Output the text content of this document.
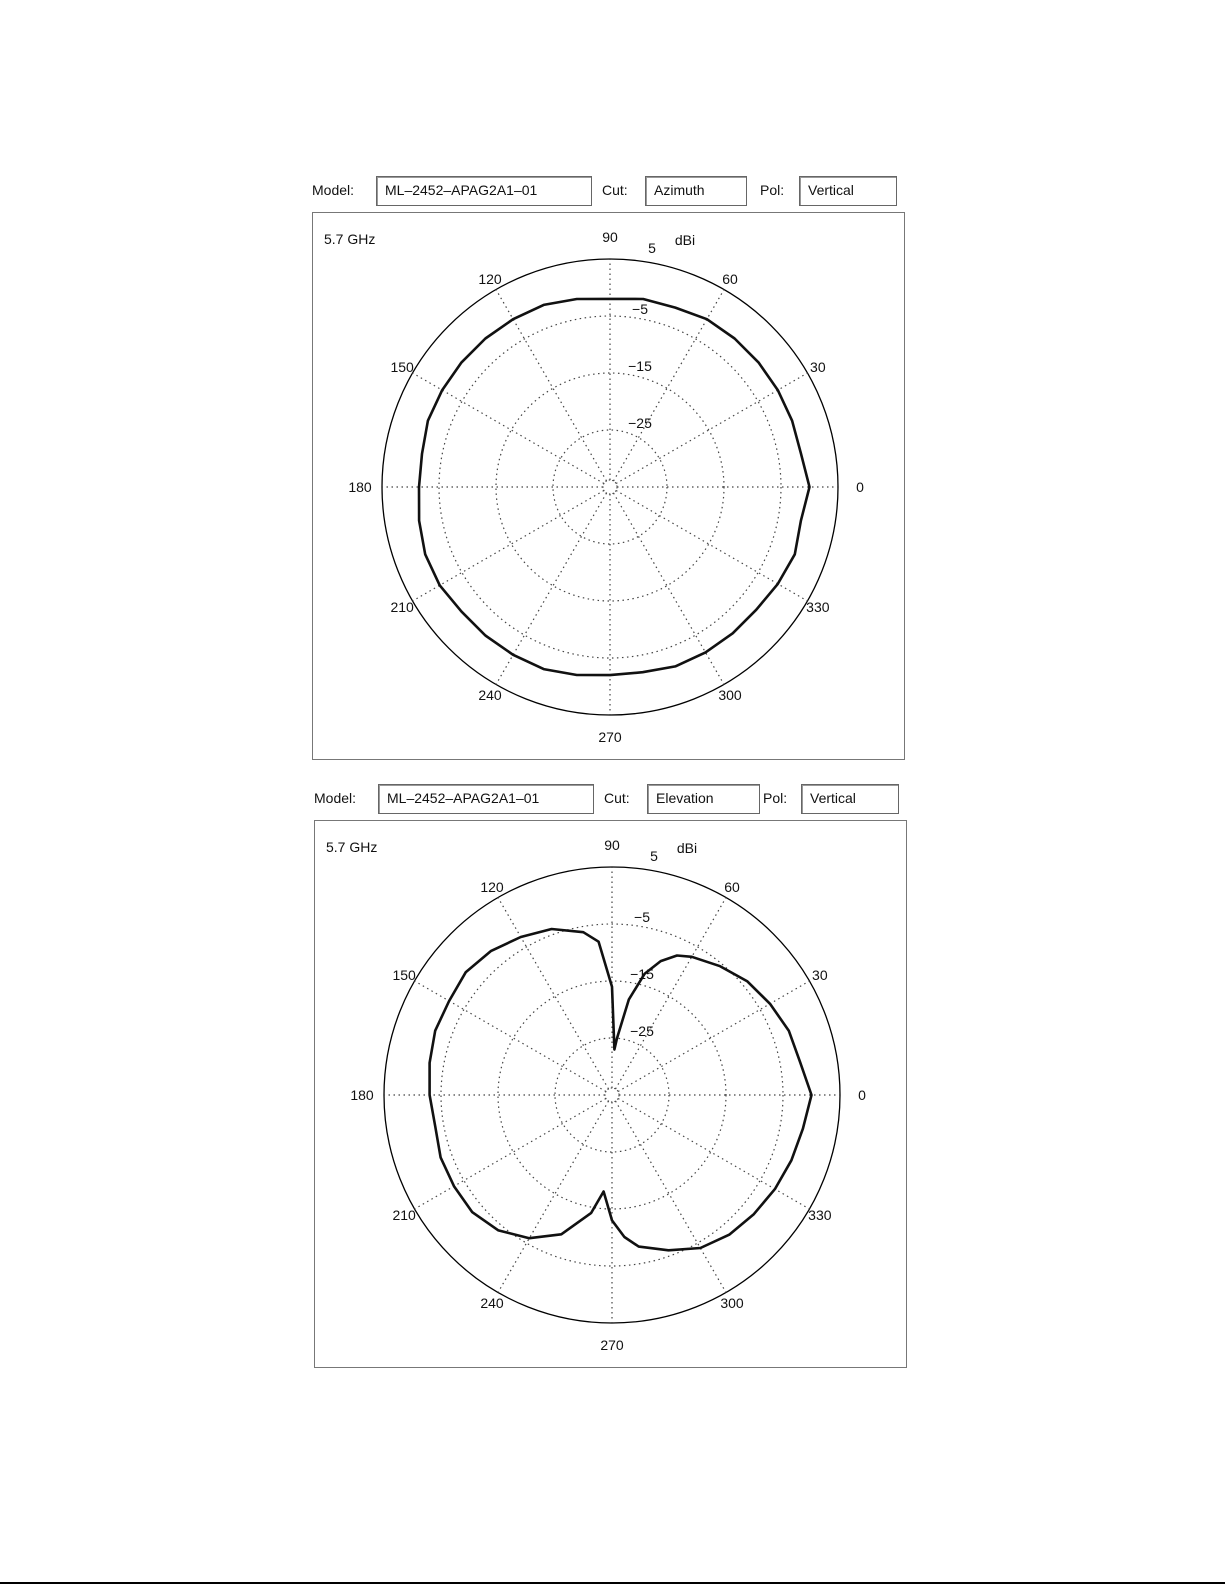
Model:	ML–2452–APAG2A1–01	Cut:	Azimuth	Pol:	Vertical
5.7 GHz
0
30
60
90
120
150
180
210
240
270
300
330
5
−5
−15
−25
dBi
Model:	ML–2452–APAG2A1–01	Cut:	Elevation	Pol:	Vertical
5.7 GHz
0
30
60
90
120
150
180
210
240
270
300
330
5
−5
−15
−25
dBi
